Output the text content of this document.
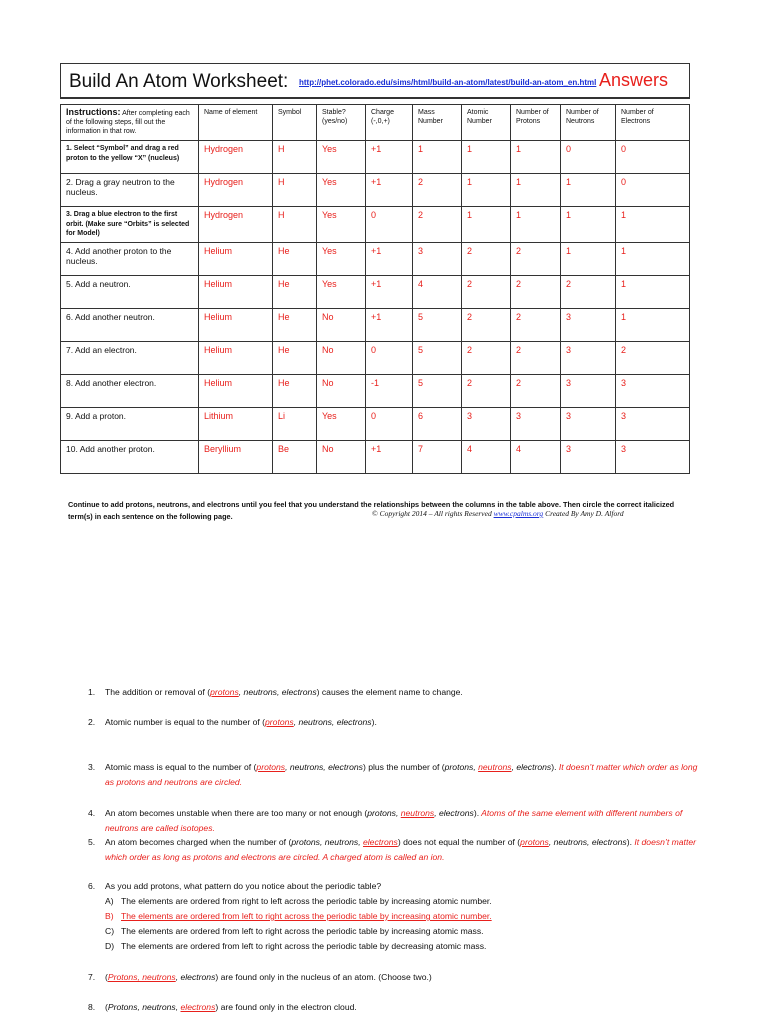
Build An Atom Worksheet: http://phet.colorado.edu/sims/html/build-an-atom/latest/build-an-atom_en.html Answers
Instructions: After completing each of the following steps, fill out the information in that row.	Name of element	Symbol	Stable? (yes/no)	Charge (-,0,+)	Mass Number	Atomic Number	Number of Protons	Number of Neutrons	Number of Electrons
1. Select “Symbol” and drag a red proton to the yellow “X” (nucleus)	Hydrogen	H	Yes	+1	1	1	1	0	0
2. Drag a gray neutron to the nucleus.	Hydrogen	H	Yes	+1	2	1	1	1	0
3. Drag a blue electron to the first orbit. (Make sure “Orbits” is selected for Model)	Hydrogen	H	Yes	0	2	1	1	1	1
4. Add another proton to the nucleus.	Helium	He	Yes	+1	3	2	2	1	1
5. Add a neutron.	Helium	He	Yes	+1	4	2	2	2	1
6. Add another neutron.	Helium	He	No	+1	5	2	2	3	1
7. Add an electron.	Helium	He	No	0	5	2	2	3	2
8. Add another electron.	Helium	He	No	-1	5	2	2	3	3
9. Add a proton.	Lithium	Li	Yes	0	6	3	3	3	3
10. Add another proton.	Beryllium	Be	No	+1	7	4	4	3	3
Continue to add protons, neutrons, and electrons until you feel that you understand the relationships between the columns in the table above. Then circle the correct italicized term(s) in each sentence on the following page.	© Copyright 2014 – All rights Reserved www.cpalms.org Created By Amy D. Alford
1. The addition or removal of (protons, neutrons, electrons) causes the element name to change.
2. Atomic number is equal to the number of (protons, neutrons, electrons).
3. Atomic mass is equal to the number of (protons, neutrons, electrons) plus the number of (protons, neutrons, electrons). It doesn’t matter which order as long as protons and neutrons are circled.
4. An atom becomes unstable when there are too many or not enough (protons, neutrons, electrons). Atoms of the same element with different numbers of neutrons are called isotopes.
5. An atom becomes charged when the number of (protons, neutrons, electrons) does not equal the number of (protons, neutrons, electrons). It doesn’t matter which order as long as protons and electrons are circled. A charged atom is called an ion.
6. As you add protons, what pattern do you notice about the periodic table?
A) The elements are ordered from right to left across the periodic table by increasing atomic number.
B) The elements are ordered from left to right across the periodic table by increasing atomic number.
C) The elements are ordered from left to right across the periodic table by increasing atomic mass.
D) The elements are ordered from left to right across the periodic table by decreasing atomic mass.
7. (Protons, neutrons, electrons) are found only in the nucleus of an atom. (Choose two.)
8. (Protons, neutrons, electrons) are found only in the electron cloud.
